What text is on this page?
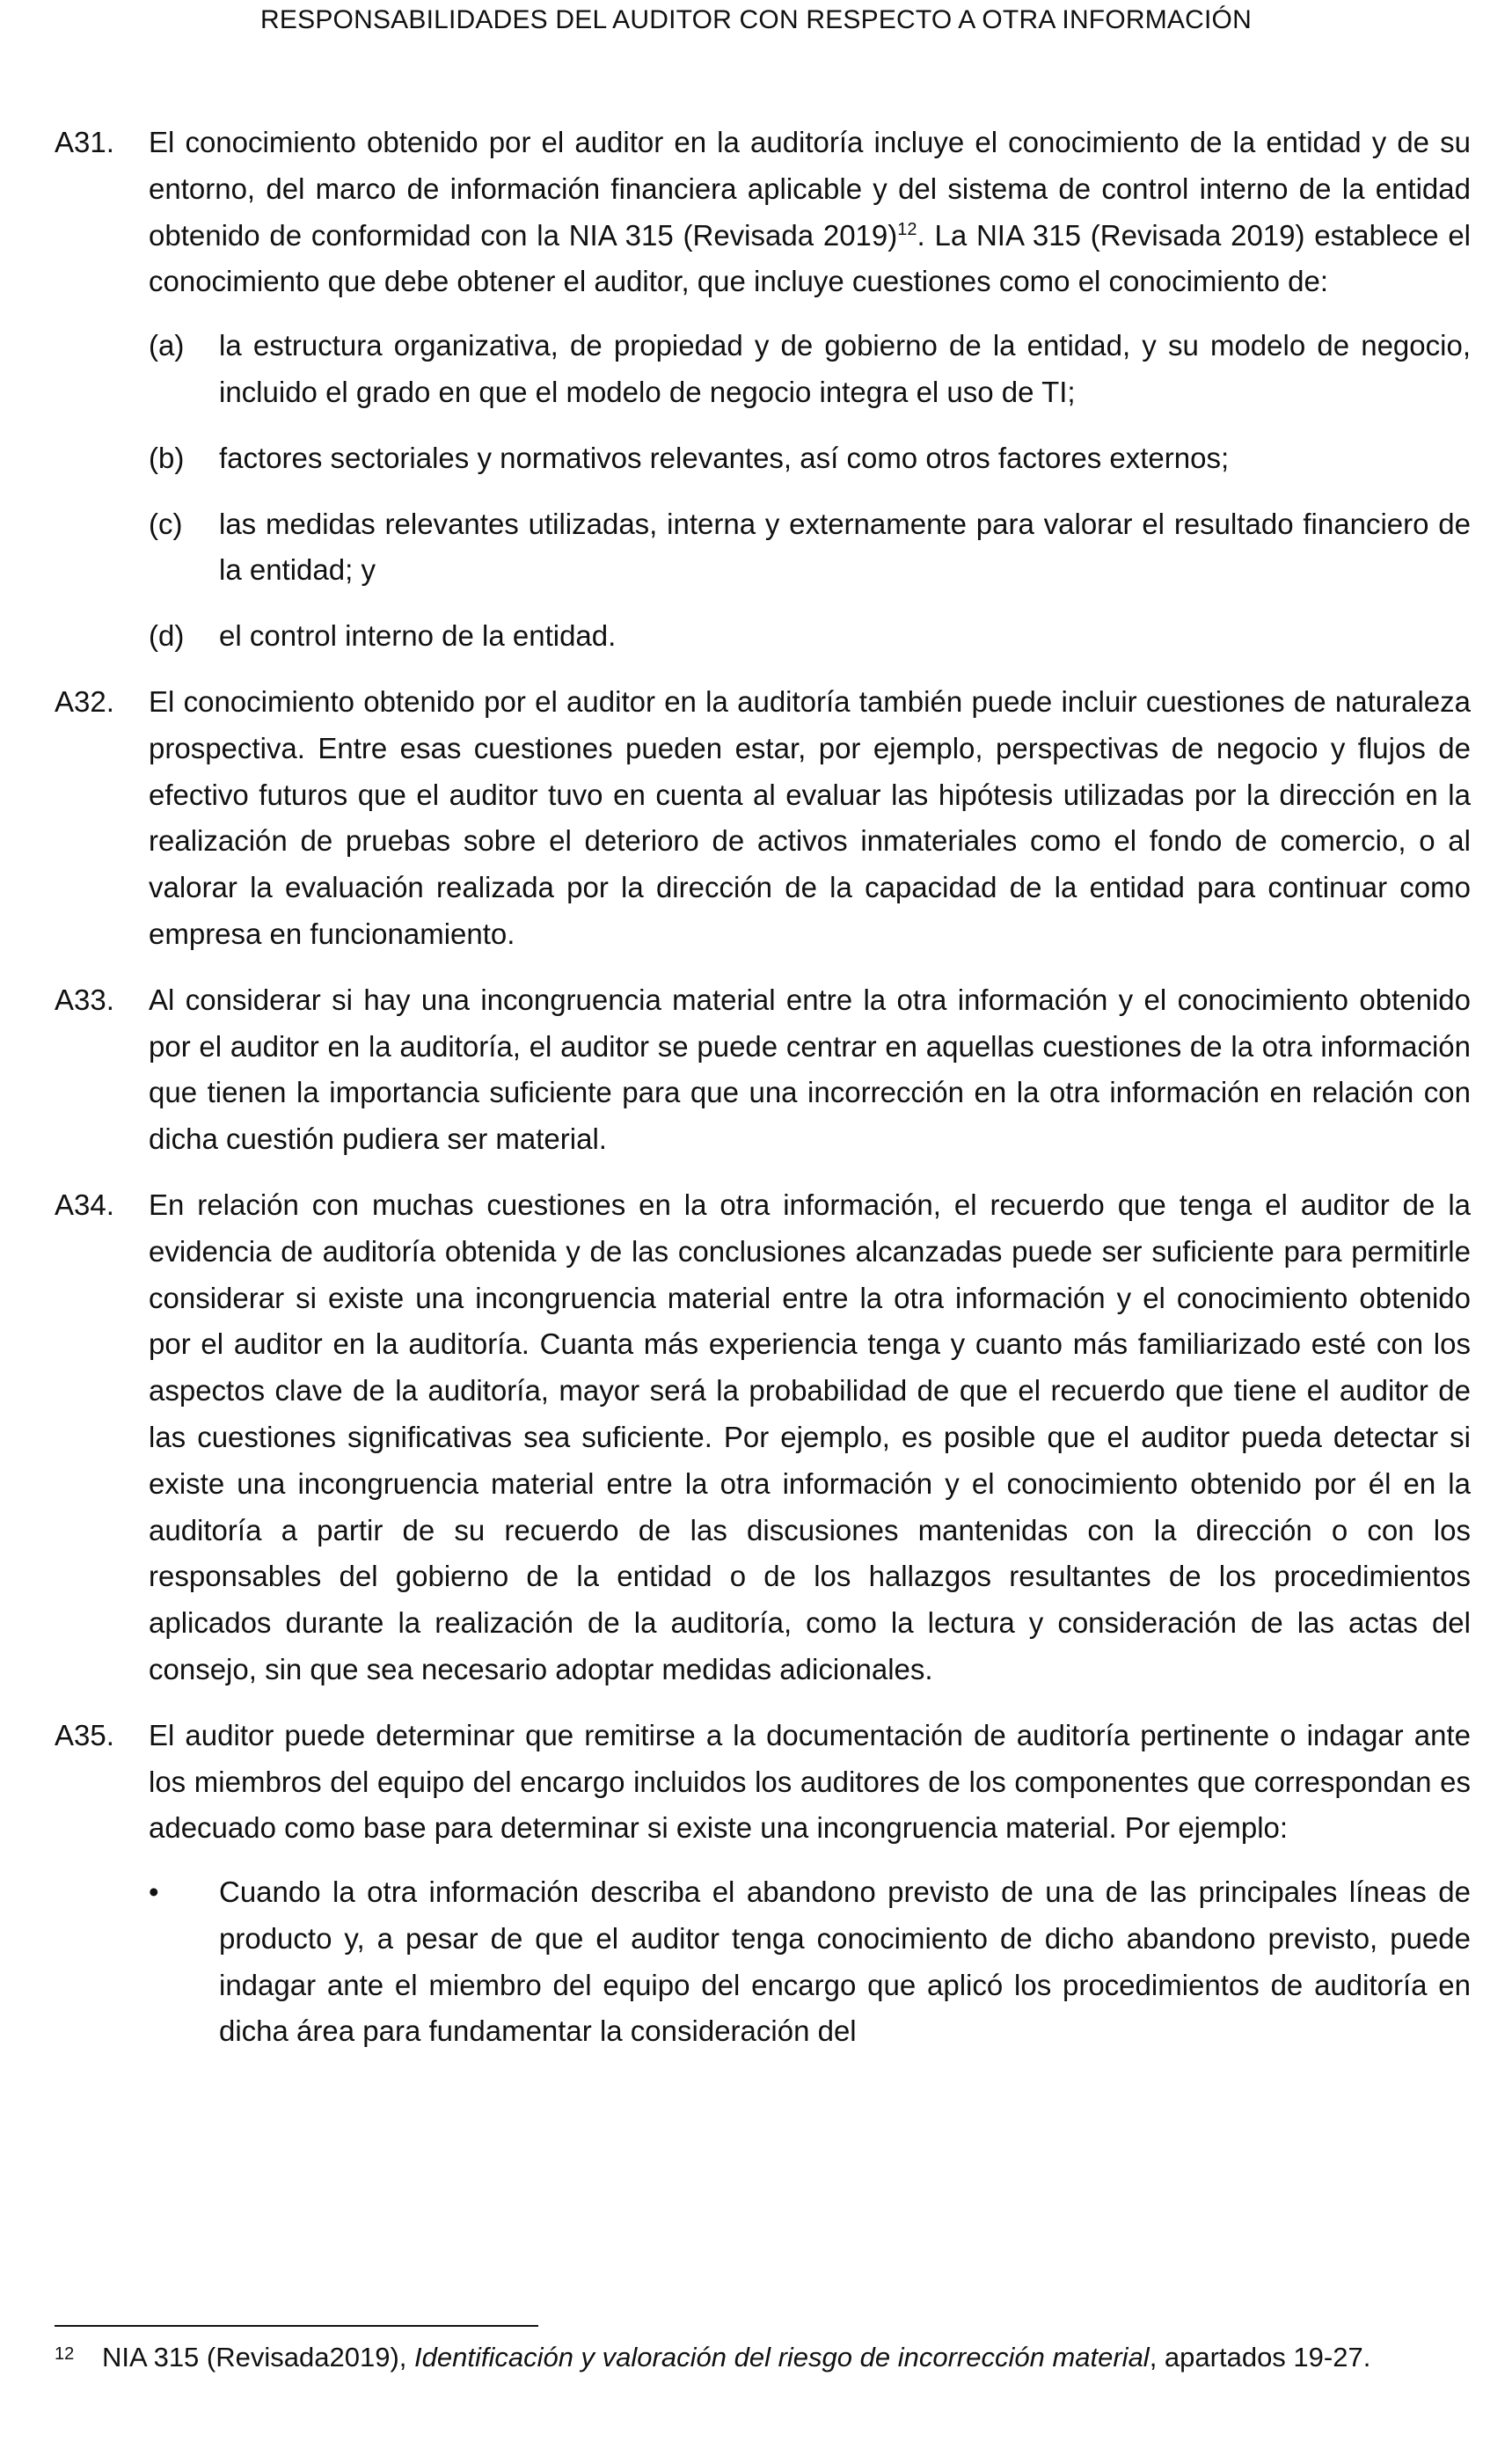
RESPONSABILIDADES DEL AUDITOR CON RESPECTO A OTRA INFORMACIÓN
A31. El conocimiento obtenido por el auditor en la auditoría incluye el conocimiento de la entidad y de su entorno, del marco de información financiera aplicable y del sistema de control interno de la entidad obtenido de conformidad con la NIA 315 (Revisada 2019)$^{12}$. La NIA 315 (Revisada 2019) establece el conocimiento que debe obtener el auditor, que incluye cuestiones como el conocimiento de:
(a) la estructura organizativa, de propiedad y de gobierno de la entidad, y su modelo de negocio, incluido el grado en que el modelo de negocio integra el uso de TI;
(b) factores sectoriales y normativos relevantes, así como otros factores externos;
(c) las medidas relevantes utilizadas, interna y externamente para valorar el resultado financiero de la entidad; y
(d) el control interno de la entidad.
A32. El conocimiento obtenido por el auditor en la auditoría también puede incluir cuestiones de naturaleza prospectiva. Entre esas cuestiones pueden estar, por ejemplo, perspectivas de negocio y flujos de efectivo futuros que el auditor tuvo en cuenta al evaluar las hipótesis utilizadas por la dirección en la realización de pruebas sobre el deterioro de activos inmateriales como el fondo de comercio, o al valorar la evaluación realizada por la dirección de la capacidad de la entidad para continuar como empresa en funcionamiento.
A33. Al considerar si hay una incongruencia material entre la otra información y el conocimiento obtenido por el auditor en la auditoría, el auditor se puede centrar en aquellas cuestiones de la otra información que tienen la importancia suficiente para que una incorrección en la otra información en relación con dicha cuestión pudiera ser material.
A34. En relación con muchas cuestiones en la otra información, el recuerdo que tenga el auditor de la evidencia de auditoría obtenida y de las conclusiones alcanzadas puede ser suficiente para permitirle considerar si existe una incongruencia material entre la otra información y el conocimiento obtenido por el auditor en la auditoría. Cuanta más experiencia tenga y cuanto más familiarizado esté con los aspectos clave de la auditoría, mayor será la probabilidad de que el recuerdo que tiene el auditor de las cuestiones significativas sea suficiente. Por ejemplo, es posible que el auditor pueda detectar si existe una incongruencia material entre la otra información y el conocimiento obtenido por él en la auditoría a partir de su recuerdo de las discusiones mantenidas con la dirección o con los responsables del gobierno de la entidad o de los hallazgos resultantes de los procedimientos aplicados durante la realización de la auditoría, como la lectura y consideración de las actas del consejo, sin que sea necesario adoptar medidas adicionales.
A35. El auditor puede determinar que remitirse a la documentación de auditoría pertinente o indagar ante los miembros del equipo del encargo incluidos los auditores de los componentes que correspondan es adecuado como base para determinar si existe una incongruencia material. Por ejemplo:
• Cuando la otra información describa el abandono previsto de una de las principales líneas de producto y, a pesar de que el auditor tenga conocimiento de dicho abandono previsto, puede indagar ante el miembro del equipo del encargo que aplicó los procedimientos de auditoría en dicha área para fundamentar la consideración del
12 NIA 315 (Revisada2019), Identificación y valoración del riesgo de incorrección material, apartados 19-27.
